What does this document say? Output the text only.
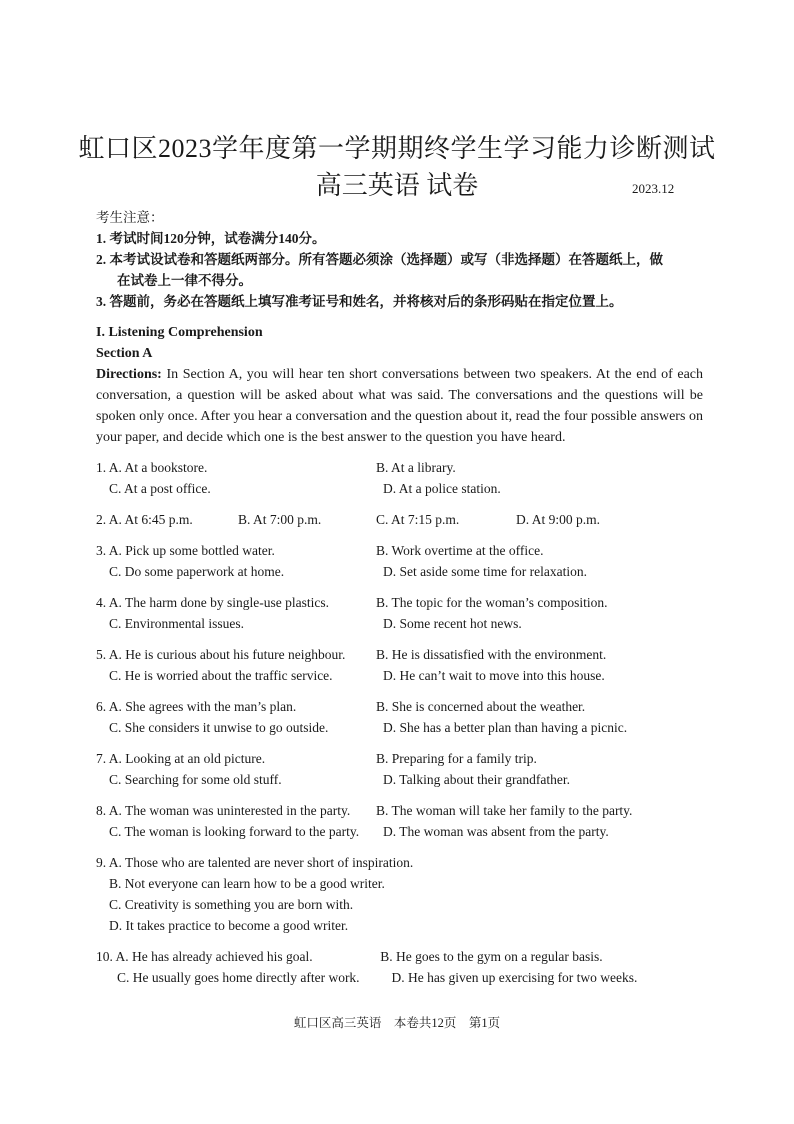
虹口区2023学年度第一学期期终学生学习能力诊断测试
高三英语 试卷	2023.12
考生注意：
1. 考试时间120分钟，试卷满分140分。
2. 本考试设试卷和答题纸两部分。所有答题必须涂（选择题）或写（非选择题）在答题纸上，做
在试卷上一律不得分。
3. 答题前，务必在答题纸上填写准考证号和姓名，并将核对后的条形码贴在指定位置上。
I. Listening Comprehension
Section A
Directions: In Section A, you will hear ten short conversations between two speakers. At the end of each conversation, a question will be asked about what was said. The conversations and the questions will be spoken only once. After you hear a conversation and the question about it, read the four possible answers on your paper, and decide which one is the best answer to the question you have heard.
1. A. At a bookstore.	B. At a library.
C. At a post office.	D. At a police station.
2. A. At 6:45 p.m.	B. At 7:00 p.m.	C. At 7:15 p.m.	D. At 9:00 p.m.
3. A. Pick up some bottled water.	B. Work overtime at the office.
C. Do some paperwork at home.	D. Set aside some time for relaxation.
4. A. The harm done by single-use plastics.	B. The topic for the woman’s composition.
C. Environmental issues.	D. Some recent hot news.
5. A. He is curious about his future neighbour.	B. He is dissatisfied with the environment.
C. He is worried about the traffic service.	D. He can’t wait to move into this house.
6. A. She agrees with the man’s plan.	B. She is concerned about the weather.
C. She considers it unwise to go outside.	D. She has a better plan than having a picnic.
7. A. Looking at an old picture.	B. Preparing for a family trip.
C. Searching for some old stuff.	D. Talking about their grandfather.
8. A. The woman was uninterested in the party.	B. The woman will take her family to the party.
C. The woman is looking forward to the party.	D. The woman was absent from the party.
9. A. Those who are talented are never short of inspiration.
B. Not everyone can learn how to be a good writer.
C. Creativity is something you are born with.
D. It takes practice to become a good writer.
10. A. He has already achieved his goal.	B. He goes to the gym on a regular basis.
C. He usually goes home directly after work.	D. He has given up exercising for two weeks.
虹口区高三英语    本卷共12页    第1页
